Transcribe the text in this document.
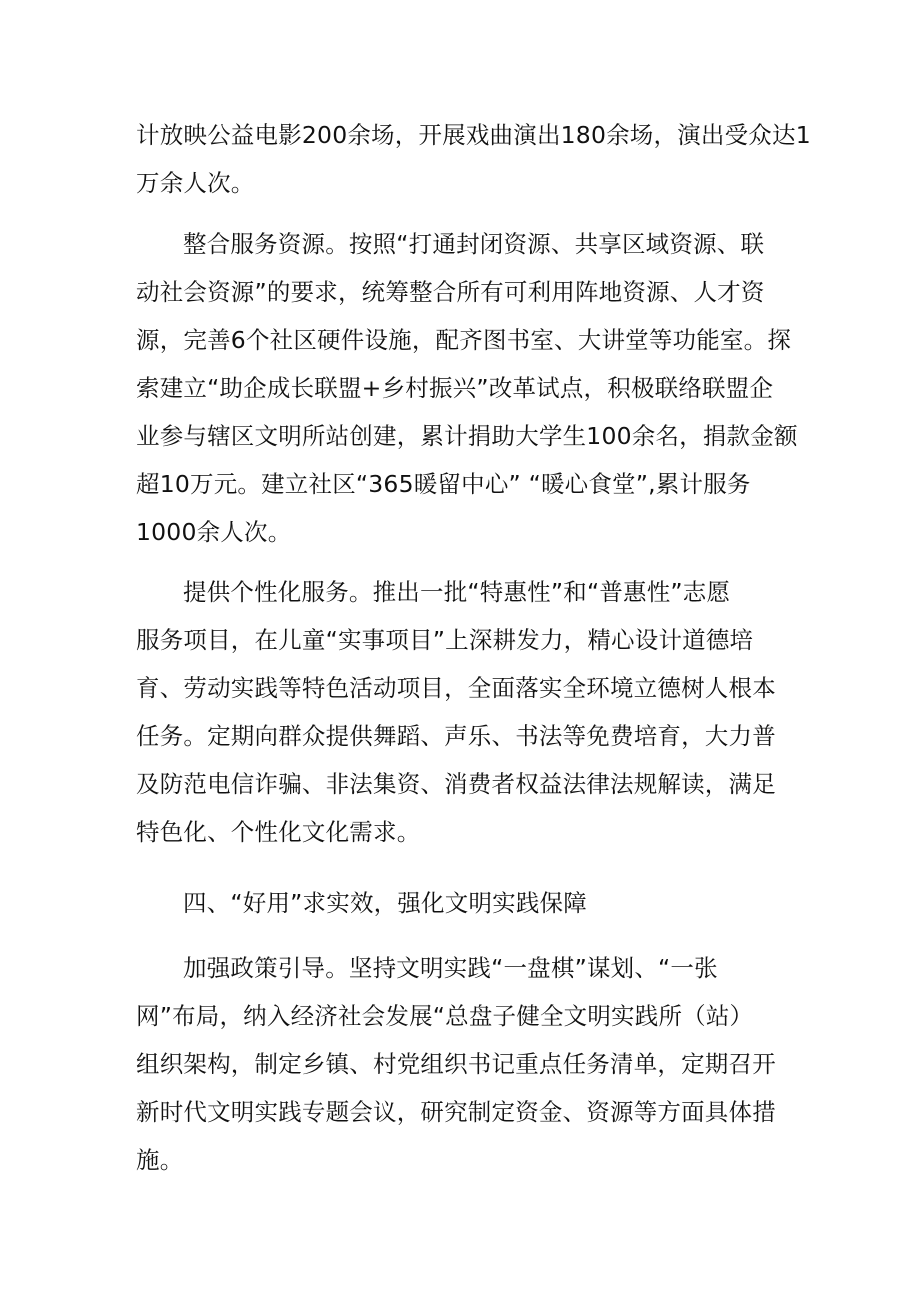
计放映公益电影200余场，开展戏曲演出180余场，演出受众达1
万余人次。
整合服务资源。按照“打通封闭资源、共享区域资源、联
动社会资源”的要求，统筹整合所有可利用阵地资源、人才资
源，完善6个社区硬件设施，配齐图书室、大讲堂等功能室。探
索建立“助企成长联盟+乡村振兴”改革试点，积极联络联盟企
业参与辖区文明所站创建，累计捐助大学生100余名，捐款金额
超10万元。建立社区“365暖留中心” “暖心食堂”,累计服务
1000余人次。
提供个性化服务。推出一批“特惠性”和“普惠性”志愿
服务项目，在儿童“实事项目”上深耕发力，精心设计道德培
育、劳动实践等特色活动项目，全面落实全环境立德树人根本
任务。定期向群众提供舞蹈、声乐、书法等免费培育，大力普
及防范电信诈骗、非法集资、消费者权益法律法规解读，满足
特色化、个性化文化需求。
四、“好用”求实效，强化文明实践保障
加强政策引导。坚持文明实践“一盘棋”谋划、“一张
网”布局，纳入经济社会发展“总盘子健全文明实践所（站）
组织架构，制定乡镇、村党组织书记重点任务清单，定期召开
新时代文明实践专题会议，研究制定资金、资源等方面具体措
施。
